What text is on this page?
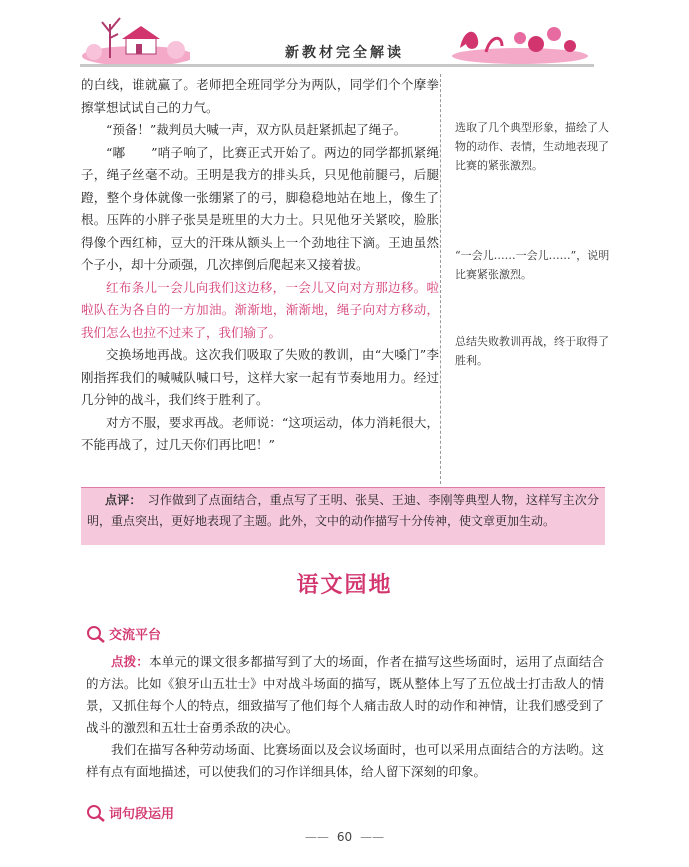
新教材完全解读

的白线，谁就赢了。老师把全班同学分为两队，同学们个个摩拳擦掌想试试自己的力气。

“预备！”裁判员大喊一声，双方队员赶紧抓起了绳子。

“嘟　　”哨子响了，比赛正式开始了。两边的同学都抓紧绳子，绳子丝毫不动。王明是我方的排头兵，只见他前腿弓，后腿蹬，整个身体就像一张绷紧了的弓，脚稳稳地站在地上，像生了根。压阵的小胖子张昊是班里的大力士。只见他牙关紧咬，脸胀得像个西红柿，豆大的汗珠从额头上一个劲地往下滴。王迪虽然个子小，却十分顽强，几次摔倒后爬起来又接着拔。

红布条儿一会儿向我们这边移，一会儿又向对方那边移。啦啦队在为各自的一方加油。渐渐地，渐渐地，绳子向对方移动，我们怎么也拉不过来了，我们输了。

交换场地再战。这次我们吸取了失败的教训，由“大嗓门”李刚指挥我们的喊喊队喊口号，这样大家一起有节奏地用力。经过几分钟的战斗，我们终于胜利了。

对方不服，要求再战。老师说：“这项运动，体力消耗很大，不能再战了，过几天你们再比吧！”

选取了几个典型形象，描绘了人物的动作、表情，生动地表现了比赛的紧张激烈。
“一会儿……一会儿……”，说明比赛紧张激烈。
总结失败教训再战，终于取得了胜利。
点评： 习作做到了点面结合，重点写了王明、张昊、王迪、李刚等典型人物，这样写主次分明，重点突出，更好地表现了主题。此外，文中的动作描写十分传神，使文章更加生动。
语文园地
交流平台

点拨：本单元的课文很多都描写到了大的场面，作者在描写这些场面时，运用了点面结合的方法。比如《狼牙山五壮士》中对战斗场面的描写，既从整体上写了五位战士打击敌人的情景，又抓住每个人的特点，细致描写了他们每个人痛击敌人时的动作和神情，让我们感受到了战斗的激烈和五壮士奋勇杀敌的决心。

我们在描写各种劳动场面、比赛场面以及会议场面时，也可以采用点面结合的方法哟。这样有点有面地描述，可以使我们的习作详细具体，给人留下深刻的印象。

词句段运用
—— 60 ——
